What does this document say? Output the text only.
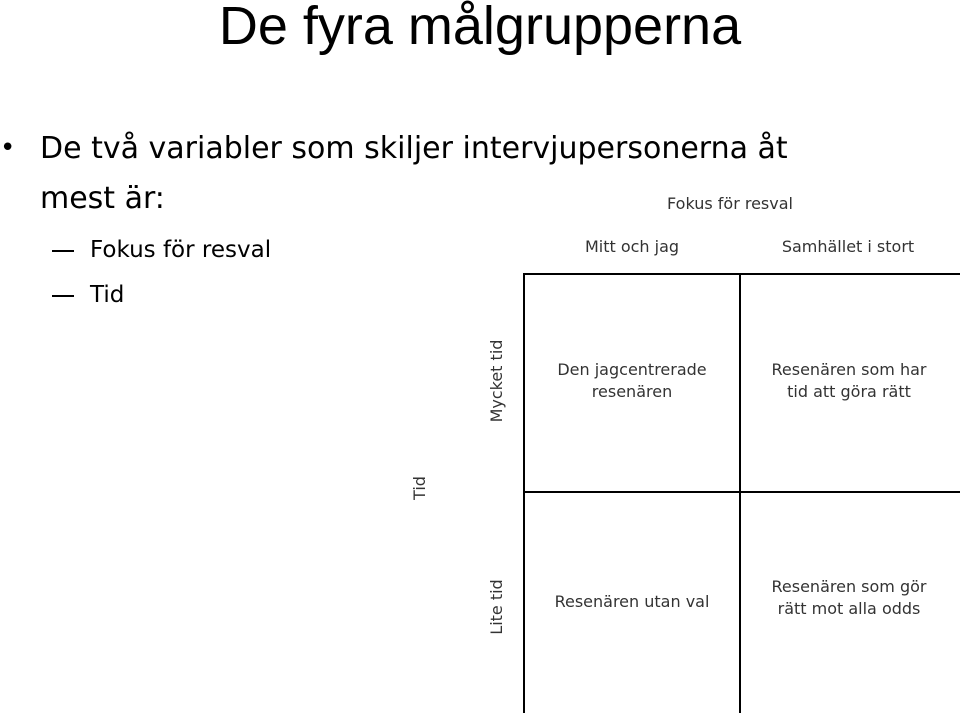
De fyra målgrupperna
• De två variabler som skiljer intervjupersonerna åt
mest är:
Fokus för resval
Tid
Fokus för resval
Mitt och jag	Samhället i stort
Tid
Mycket tid
Lite tid
Den jagcentrerade
resenären
Resenären som har
tid att göra rätt
Resenären utan val
Resenären som gör
rätt mot alla odds
